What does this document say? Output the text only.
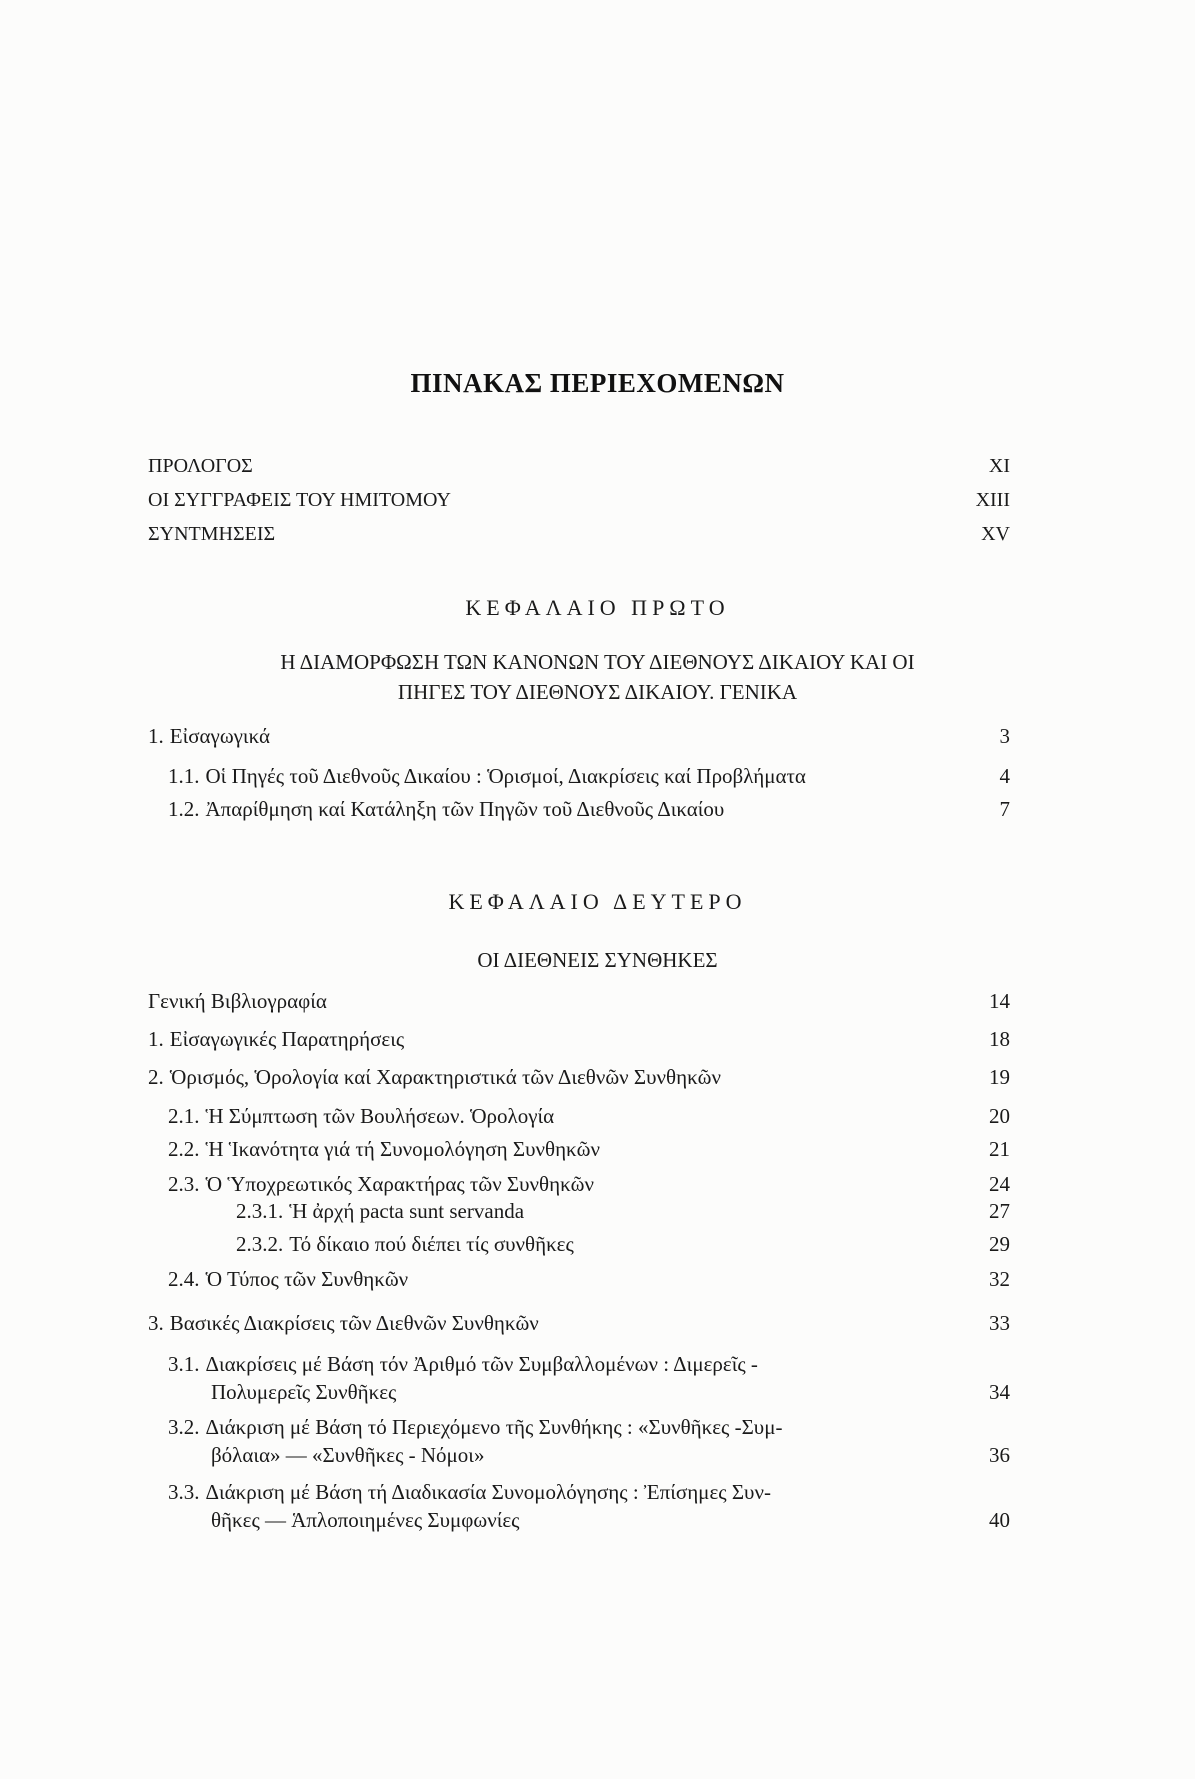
ΠΙΝΑΚΑΣ ΠΕΡΙΕΧΟΜΕΝΩΝ
ΠΡΟΛΟΓΟΣ	XI
ΟΙ ΣΥΓΓΡΑΦΕΙΣ ΤΟΥ ΗΜΙΤΟΜΟΥ	XIII
ΣΥΝΤΜΗΣΕΙΣ	XV
ΚΕΦΑΛΑΙΟ ΠΡΩΤΟ
Η ΔΙΑΜΟΡΦΩΣΗ ΤΩΝ ΚΑΝΟΝΩΝ ΤΟΥ ΔΙΕΘΝΟΥΣ ΔΙΚΑΙΟΥ ΚΑΙ ΟΙ
ΠΗΓΕΣ ΤΟΥ ΔΙΕΘΝΟΥΣ ΔΙΚΑΙΟΥ. ΓΕΝΙΚΑ
1. Εἰσαγωγικά	3
1.1. Οἱ Πηγές τοῦ Διεθνοῦς Δικαίου : Ὁρισμοί, Διακρίσεις καί Προβλήματα	4
1.2. Ἀπαρίθμηση καί Κατάληξη τῶν Πηγῶν τοῦ Διεθνοῦς Δικαίου	7
ΚΕΦΑΛΑΙΟ ΔΕΥΤΕΡΟ
ΟΙ ΔΙΕΘΝΕΙΣ ΣΥΝΘΗΚΕΣ
Γενική Βιβλιογραφία	14
1. Εἰσαγωγικές Παρατηρήσεις	18
2. Ὁρισμός, Ὁρολογία καί Χαρακτηριστικά τῶν Διεθνῶν Συνθηκῶν	19
2.1. Ἡ Σύμπτωση τῶν Βουλήσεων. Ὁρολογία	20
2.2. Ἡ Ἱκανότητα γιά τή Συνομολόγηση Συνθηκῶν	21
2.3. Ὁ Ὑποχρεωτικός Χαρακτήρας τῶν Συνθηκῶν	24
2.3.1. Ἡ ἀρχή pacta sunt servanda	27
2.3.2. Τό δίκαιο πού διέπει τίς συνθῆκες	29
2.4. Ὁ Τύπος τῶν Συνθηκῶν	32
3. Βασικές Διακρίσεις τῶν Διεθνῶν Συνθηκῶν	33
3.1. Διακρίσεις μέ Βάση τόν Ἀριθμό τῶν Συμβαλλομένων : Διμερεῖς -
Πολυμερεῖς Συνθῆκες	34
3.2. Διάκριση μέ Βάση τό Περιεχόμενο τῆς Συνθήκης : «Συνθῆκες -Συμ-
βόλαια» — «Συνθῆκες - Νόμοι»	36
3.3. Διάκριση μέ Βάση τή Διαδικασία Συνομολόγησης : Ἐπίσημες Συν-
θῆκες — Ἁπλοποιημένες Συμφωνίες	40
